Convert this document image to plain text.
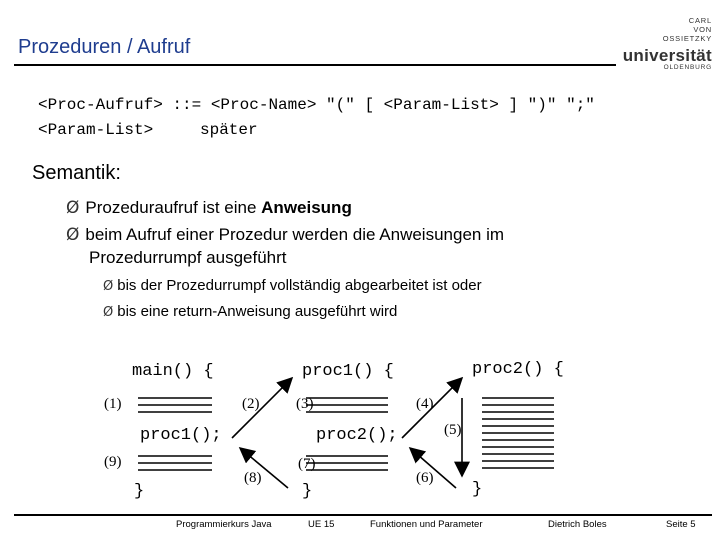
Prozeduren / Aufruf
CARL
VON
OSSIETZKY
universität
OLDENBURG
<Proc-Aufruf> ::= <Proc-Name> "(" [ <Param-List> ] ")" ";"
<Param-List>	später
Semantik:
Ø Prozeduraufruf ist eine Anweisung
Ø beim Aufruf einer Prozedur werden die Anweisungen im
Prozedurrumpf ausgeführt
Ø bis der Prozedurrumpf vollständig abgearbeitet ist oder
Ø bis eine return-Anweisung ausgeführt wird
main() {	proc1() {	proc2() {
proc1();	proc2();
}	}	}
(1)	(2) (3)	(4)
(5)
(6)
(7)
(8)
(9)
Programmierkurs Java	UE 15	Funktionen und Parameter	Dietrich Boles	Seite 5
